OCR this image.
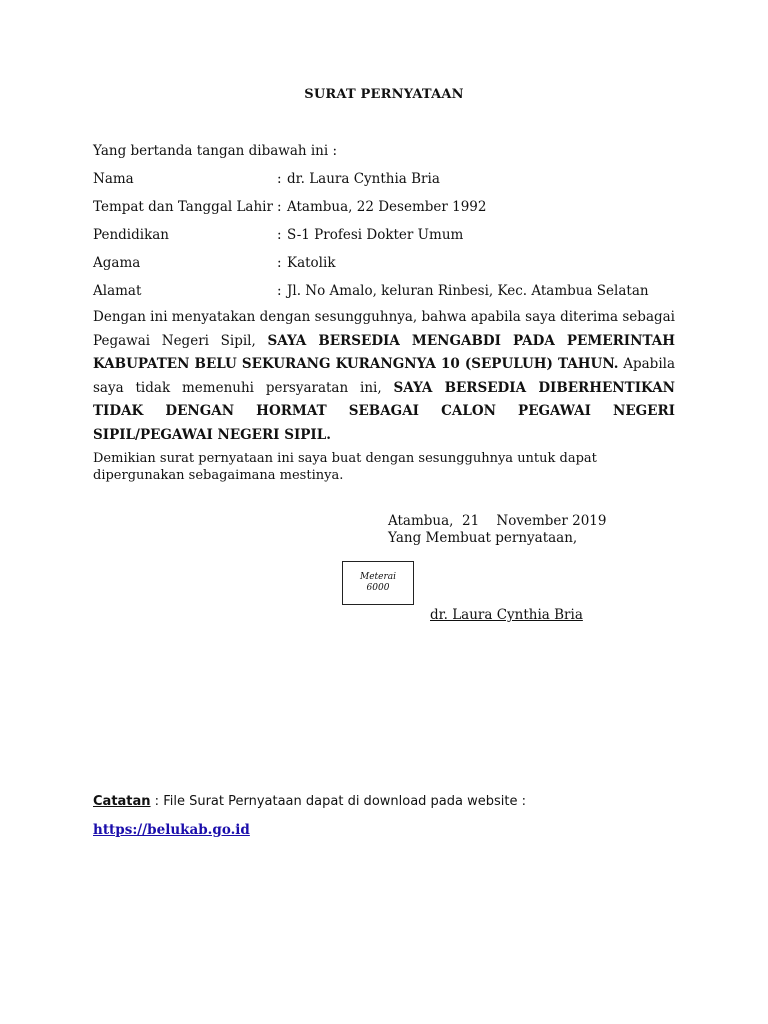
SURAT PERNYATAAN
Yang bertanda tangan dibawah ini :
Nama	: dr. Laura Cynthia Bria
Tempat dan Tanggal Lahir : Atambua, 22 Desember 1992
Pendidikan	: S-1 Profesi Dokter Umum
Agama	: Katolik
Alamat	: Jl. No Amalo, keluran Rinbesi, Kec. Atambua Selatan
Dengan ini menyatakan dengan sesungguhnya, bahwa apabila saya diterima sebagai Pegawai Negeri Sipil, SAYA BERSEDIA MENGABDI PADA PEMERINTAH KABUPATEN BELU SEKURANG KURANGNYA 10 (SEPULUH) TAHUN. Apabila saya tidak memenuhi persyaratan ini, SAYA BERSEDIA DIBERHENTIKAN TIDAK DENGAN HORMAT SEBAGAI CALON PEGAWAI NEGERI SIPIL/PEGAWAI NEGERI SIPIL.
Demikian surat pernyataan ini saya buat dengan sesungguhnya untuk dapat dipergunakan sebagaimana mestinya.
Atambua,  21    November 2019
Yang Membuat pernyataan,
Meterai
6000
dr. Laura Cynthia Bria
Catatan : File Surat Pernyataan dapat di download pada website :
https://belukab.go.id
